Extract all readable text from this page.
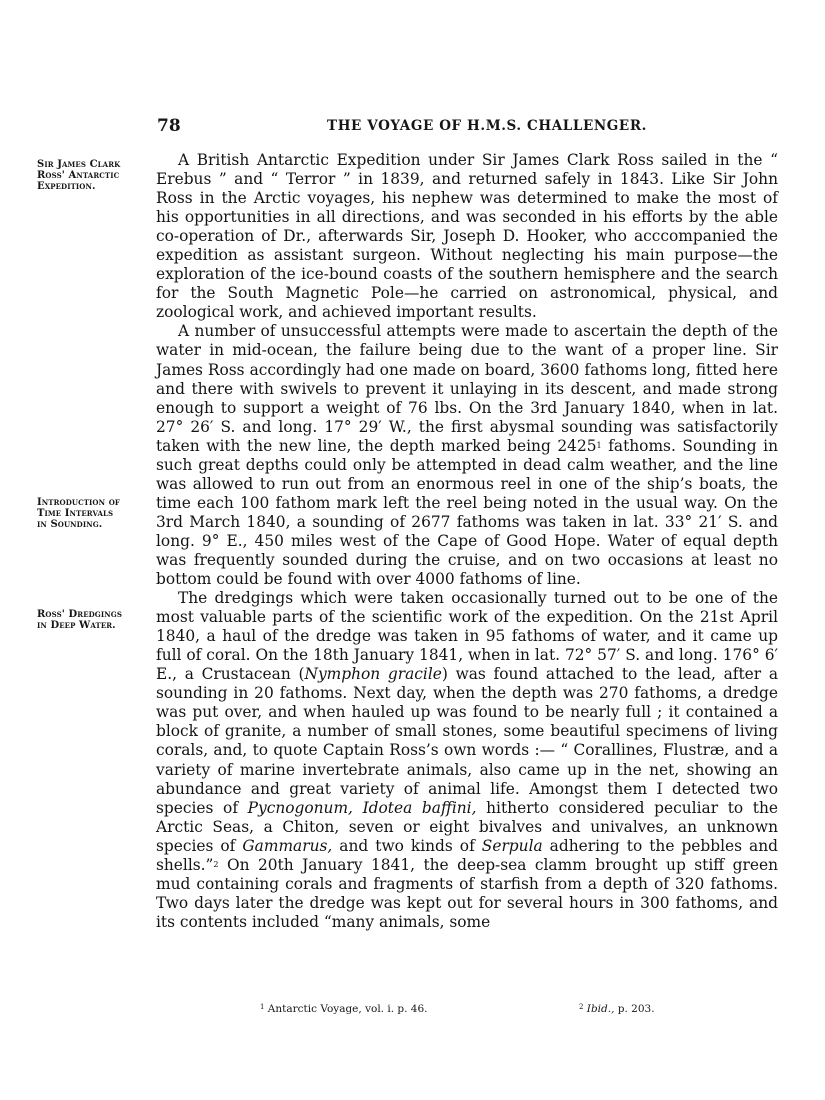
78	THE VOYAGE OF H.M.S. CHALLENGER.
Sir James Clark
Ross' Antarctic
Expedition.
Introduction of
Time Intervals
in Sounding.
Ross' Dredgings
in Deep Water.

A British Antarctic Expedition under Sir James Clark Ross sailed in the “ Erebus ” and “ Terror ” in 1839, and returned safely in 1843. Like Sir John Ross in the Arctic voyages, his nephew was determined to make the most of his opportunities in all directions, and was seconded in his efforts by the able co-operation of Dr., afterwards Sir, Joseph D. Hooker, who acccompanied the expedition as assistant surgeon. Without neglecting his main purpose—the exploration of the ice-bound coasts of the southern hemisphere and the search for the South Magnetic Pole—he carried on astronomical, physical, and zoological work, and achieved important results.

A number of unsuccessful attempts were made to ascertain the depth of the water in mid-ocean, the failure being due to the want of a proper line. Sir James Ross accordingly had one made on board, 3600 fathoms long, fitted here and there with swivels to prevent it unlaying in its descent, and made strong enough to support a weight of 76 lbs. On the 3rd January 1840, when in lat. 27° 26′ S. and long. 17° 29′ W., the first abysmal sounding was satisfactorily taken with the new line, the depth marked being 2425$^1$ fathoms. Sounding in such great depths could only be attempted in dead calm weather, and the line was allowed to run out from an enormous reel in one of the ship’s boats, the time each 100 fathom mark left the reel being noted in the usual way. On the 3rd March 1840, a sounding of 2677 fathoms was taken in lat. 33° 21′ S. and long. 9° E., 450 miles west of the Cape of Good Hope. Water of equal depth was frequently sounded during the cruise, and on two occasions at least no bottom could be found with over 4000 fathoms of line.

The dredgings which were taken occasionally turned out to be one of the most valuable parts of the scientific work of the expedition. On the 21st April 1840, a haul of the dredge was taken in 95 fathoms of water, and it came up full of coral. On the 18th January 1841, when in lat. 72° 57′ S. and long. 176° 6′ E., a Crustacean (Nymphon gracile) was found attached to the lead, after a sounding in 20 fathoms. Next day, when the depth was 270 fathoms, a dredge was put over, and when hauled up was found to be nearly full ; it contained a block of granite, a number of small stones, some beautiful specimens of living corals, and, to quote Captain Ross’s own words :— “ Corallines, Flustræ, and a variety of marine invertebrate animals, also came up in the net, showing an abundance and great variety of animal life. Amongst them I detected two species of Pycnogonum, Idotea baffini, hitherto considered peculiar to the Arctic Seas, a Chiton, seven or eight bivalves and univalves, an unknown species of Gammarus, and two kinds of Serpula adhering to the pebbles and shells.”$^2$ On 20th January 1841, the deep-sea clamm brought up stiff green mud containing corals and fragments of starfish from a depth of 320 fathoms. Two days later the dredge was kept out for several hours in 300 fathoms, and its contents included “many animals, some

$^1$ Antarctic Voyage, vol. i. p. 46.	$^2$ Ibid., p. 203.
